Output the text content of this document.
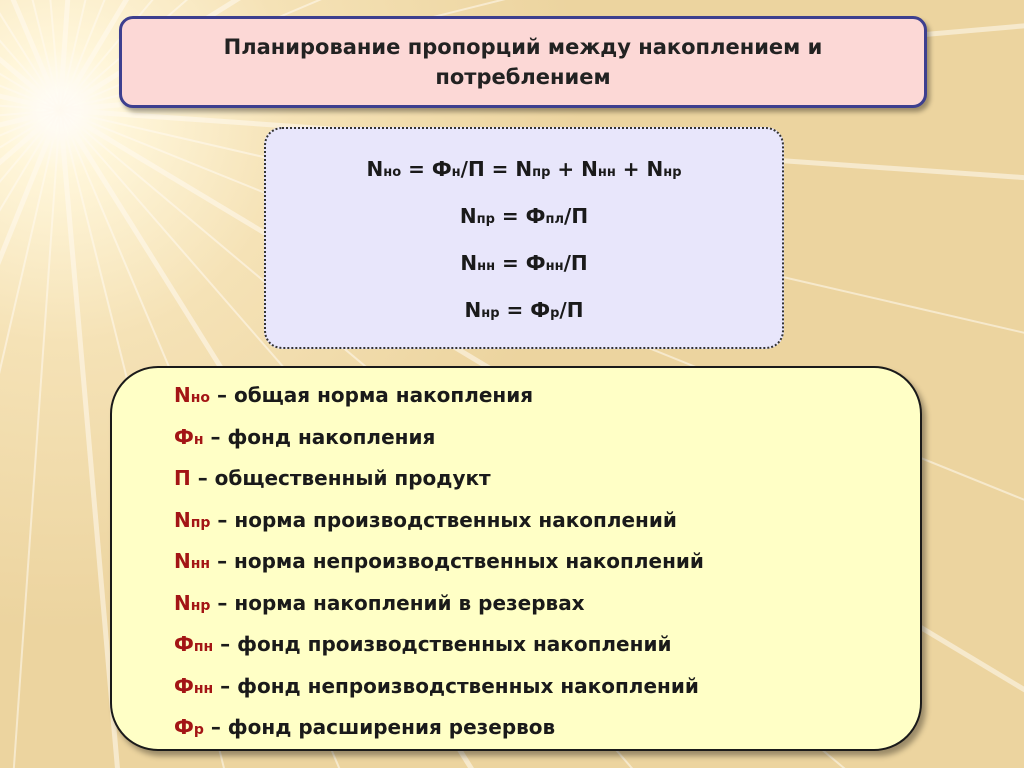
Планирование пропорций между накоплением и потреблением
Nно = Фн/П = Nпр + Nнн + Nнр
Nпр = Фпл/П
Nнн = Фнн/П
Nнр = Фр/П
Nно – общая норма накопления
Фн – фонд накопления
П – общественный продукт
Nпр – норма производственных накоплений
Nнн – норма непроизводственных накоплений
Nнр – норма накоплений в резервах
Фпн – фонд производственных накоплений
Фнн – фонд непроизводственных накоплений
Фр – фонд расширения резервов
